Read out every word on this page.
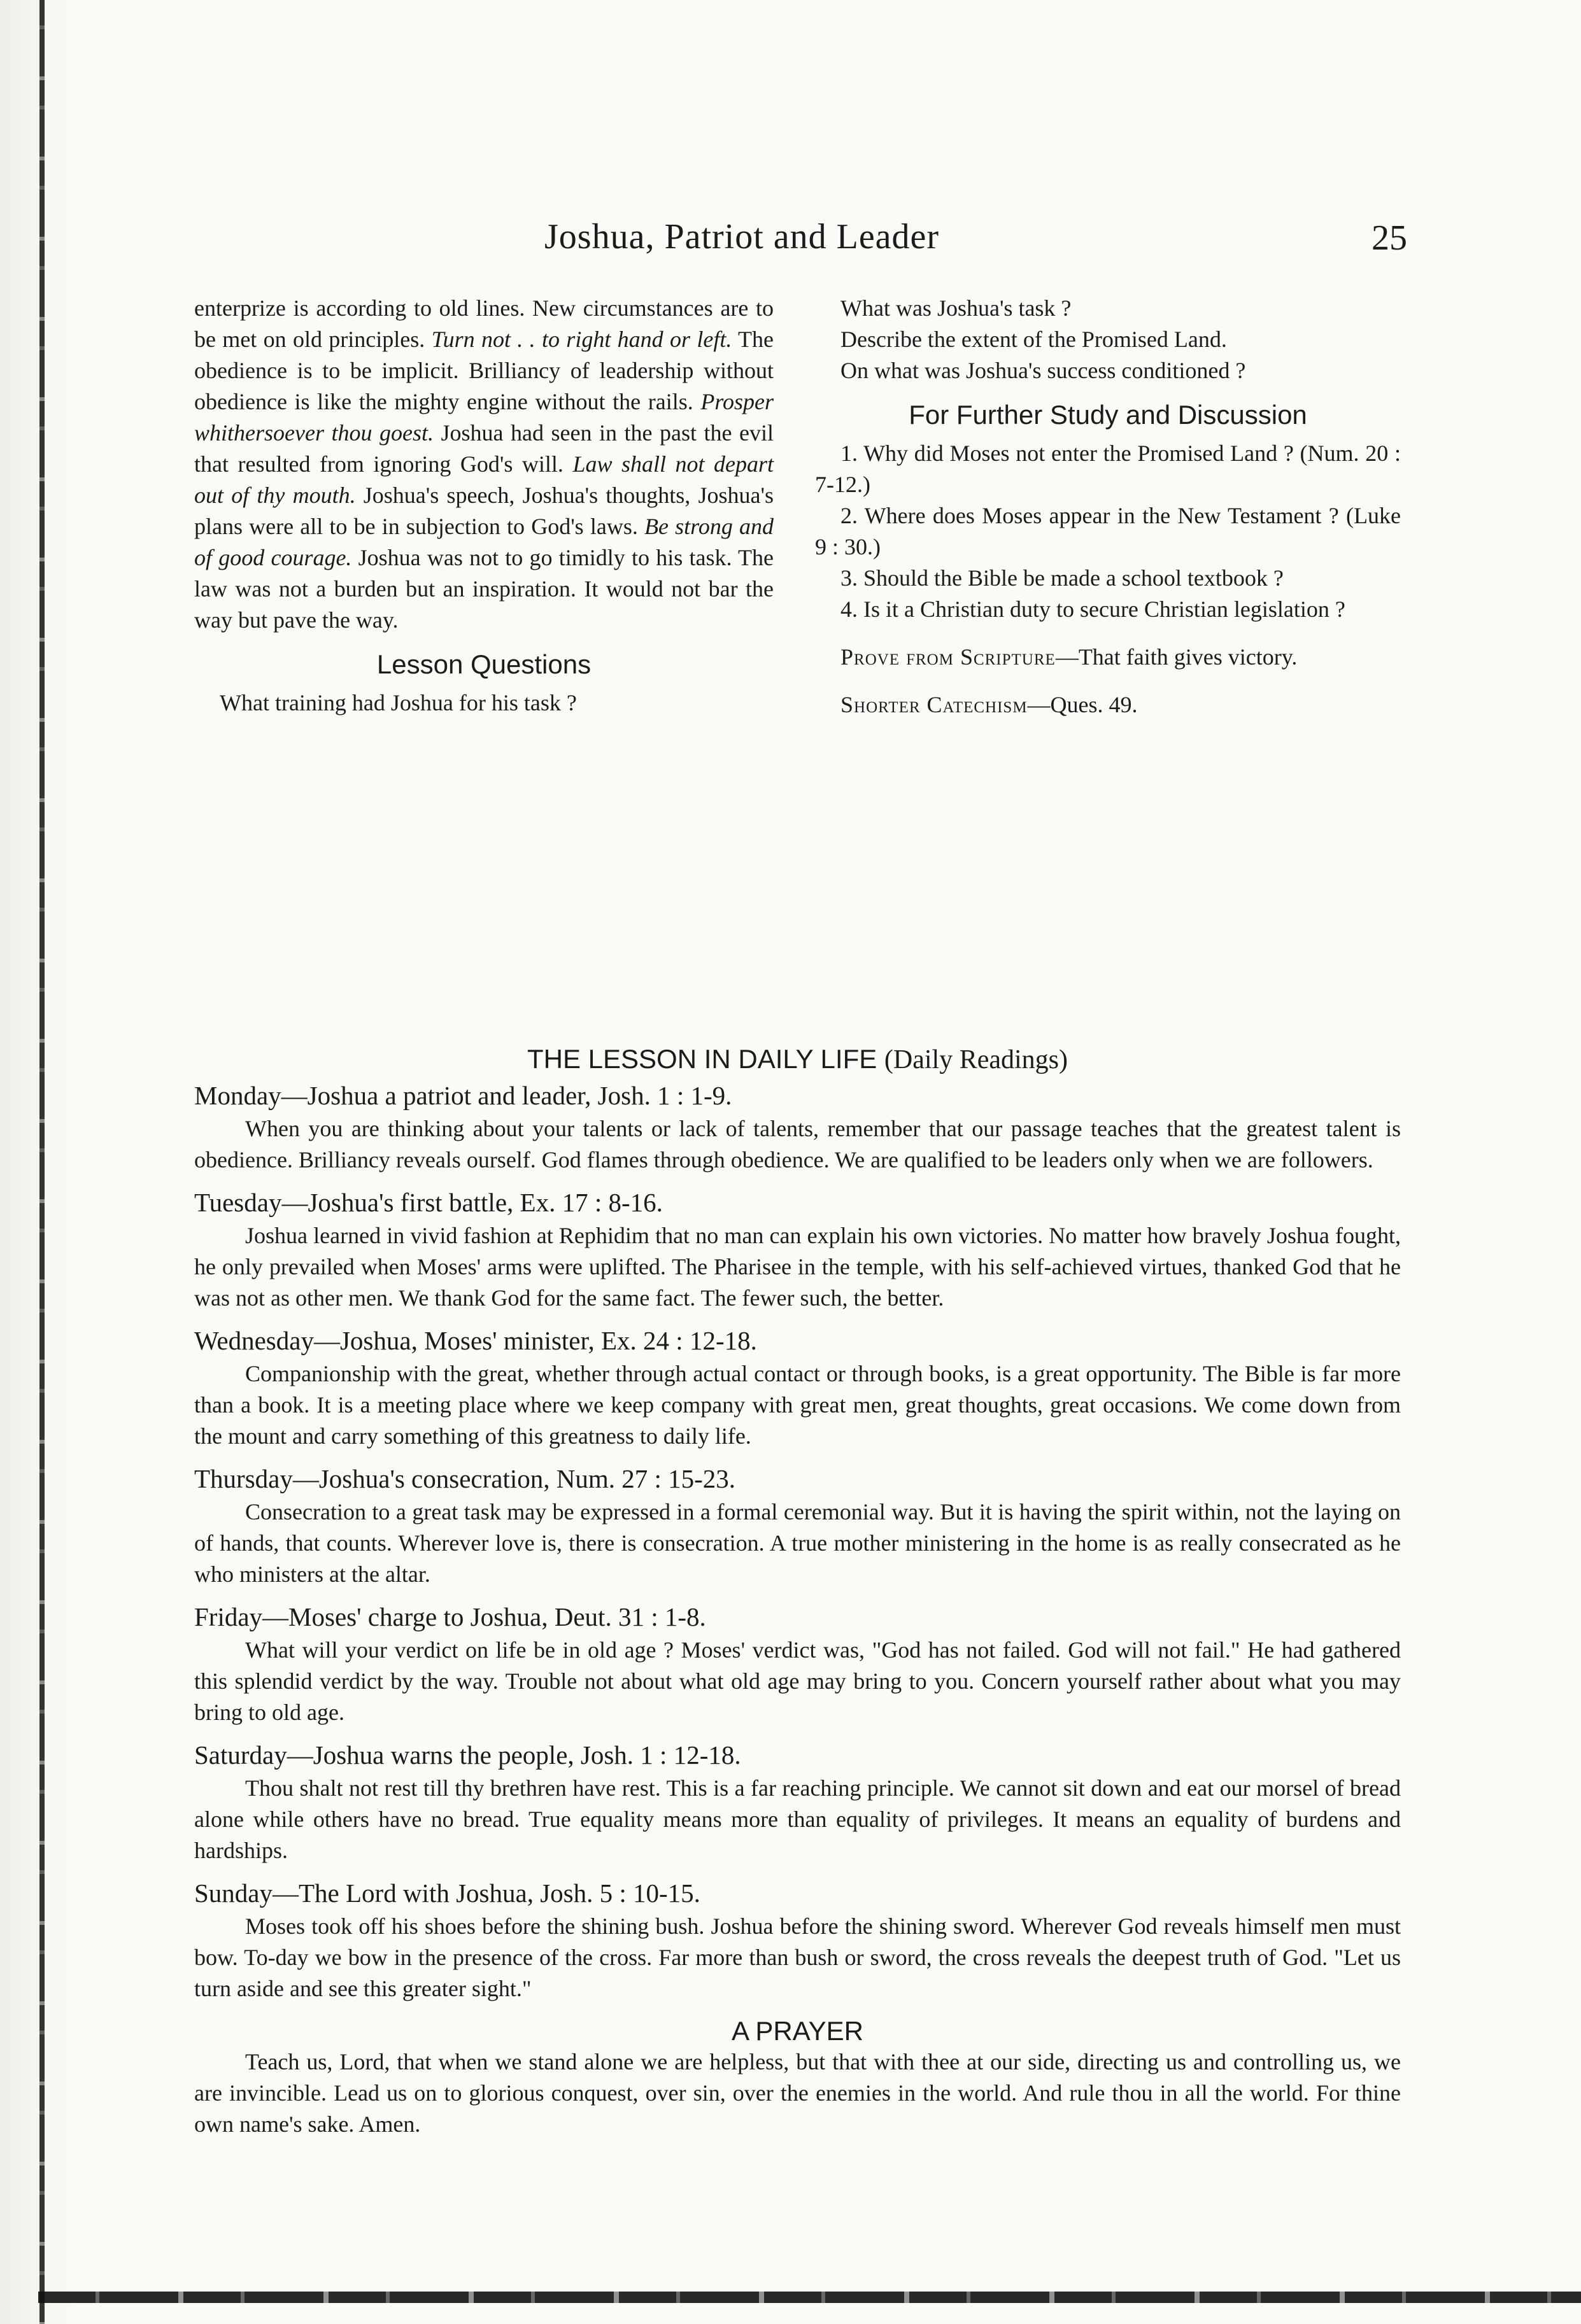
Joshua, Patriot and Leader	25

enterprize is according to old lines. New circumstances are to be met on old principles. Turn not . . to right hand or left. The obedience is to be implicit. Brilliancy of leadership without obedience is like the mighty engine without the rails. Prosper whithersoever thou goest. Joshua had seen in the past the evil that resulted from ignoring God's will. Law shall not depart out of thy mouth. Joshua's speech, Joshua's thoughts, Joshua's plans were all to be in subjection to God's laws. Be strong and of good courage. Joshua was not to go timidly to his task. The law was not a burden but an inspiration. It would not bar the way but pave the way.

Lesson Questions

What training had Joshua for his task ?

What was Joshua's task ?

Describe the extent of the Promised Land.

On what was Joshua's success conditioned ?

For Further Study and Discussion

1. Why did Moses not enter the Promised Land ? (Num. 20 : 7-12.)

2. Where does Moses appear in the New Testament ? (Luke 9 : 30.)

3. Should the Bible be made a school textbook ?

4. Is it a Christian duty to secure Christian legislation ?

Prove from Scripture—That faith gives victory.

Shorter Catechism—Ques. 49.

THE LESSON IN DAILY LIFE (Daily Readings)
Monday—Joshua a patriot and leader, Josh. 1 : 1-9.

When you are thinking about your talents or lack of talents, remember that our passage teaches that the greatest talent is obedience. Brilliancy reveals ourself. God flames through obedience. We are qualified to be leaders only when we are followers.

Tuesday—Joshua's first battle, Ex. 17 : 8-16.

Joshua learned in vivid fashion at Rephidim that no man can explain his own victories. No matter how bravely Joshua fought, he only prevailed when Moses' arms were uplifted. The Pharisee in the temple, with his self-achieved virtues, thanked God that he was not as other men. We thank God for the same fact. The fewer such, the better.

Wednesday—Joshua, Moses' minister, Ex. 24 : 12-18.

Companionship with the great, whether through actual contact or through books, is a great opportunity. The Bible is far more than a book. It is a meeting place where we keep company with great men, great thoughts, great occasions. We come down from the mount and carry something of this greatness to daily life.

Thursday—Joshua's consecration, Num. 27 : 15-23.

Consecration to a great task may be expressed in a formal ceremonial way. But it is having the spirit within, not the laying on of hands, that counts. Wherever love is, there is consecration. A true mother ministering in the home is as really consecrated as he who ministers at the altar.

Friday—Moses' charge to Joshua, Deut. 31 : 1-8.

What will your verdict on life be in old age ? Moses' verdict was, "God has not failed. God will not fail." He had gathered this splendid verdict by the way. Trouble not about what old age may bring to you. Concern yourself rather about what you may bring to old age.

Saturday—Joshua warns the people, Josh. 1 : 12-18.

Thou shalt not rest till thy brethren have rest. This is a far reaching principle. We cannot sit down and eat our morsel of bread alone while others have no bread. True equality means more than equality of privileges. It means an equality of burdens and hardships.

Sunday—The Lord with Joshua, Josh. 5 : 10-15.

Moses took off his shoes before the shining bush. Joshua before the shining sword. Wherever God reveals himself men must bow. To-day we bow in the presence of the cross. Far more than bush or sword, the cross reveals the deepest truth of God. "Let us turn aside and see this greater sight."

A PRAYER

Teach us, Lord, that when we stand alone we are helpless, but that with thee at our side, directing us and controlling us, we are invincible. Lead us on to glorious conquest, over sin, over the enemies in the world. And rule thou in all the world. For thine own name's sake. Amen.
